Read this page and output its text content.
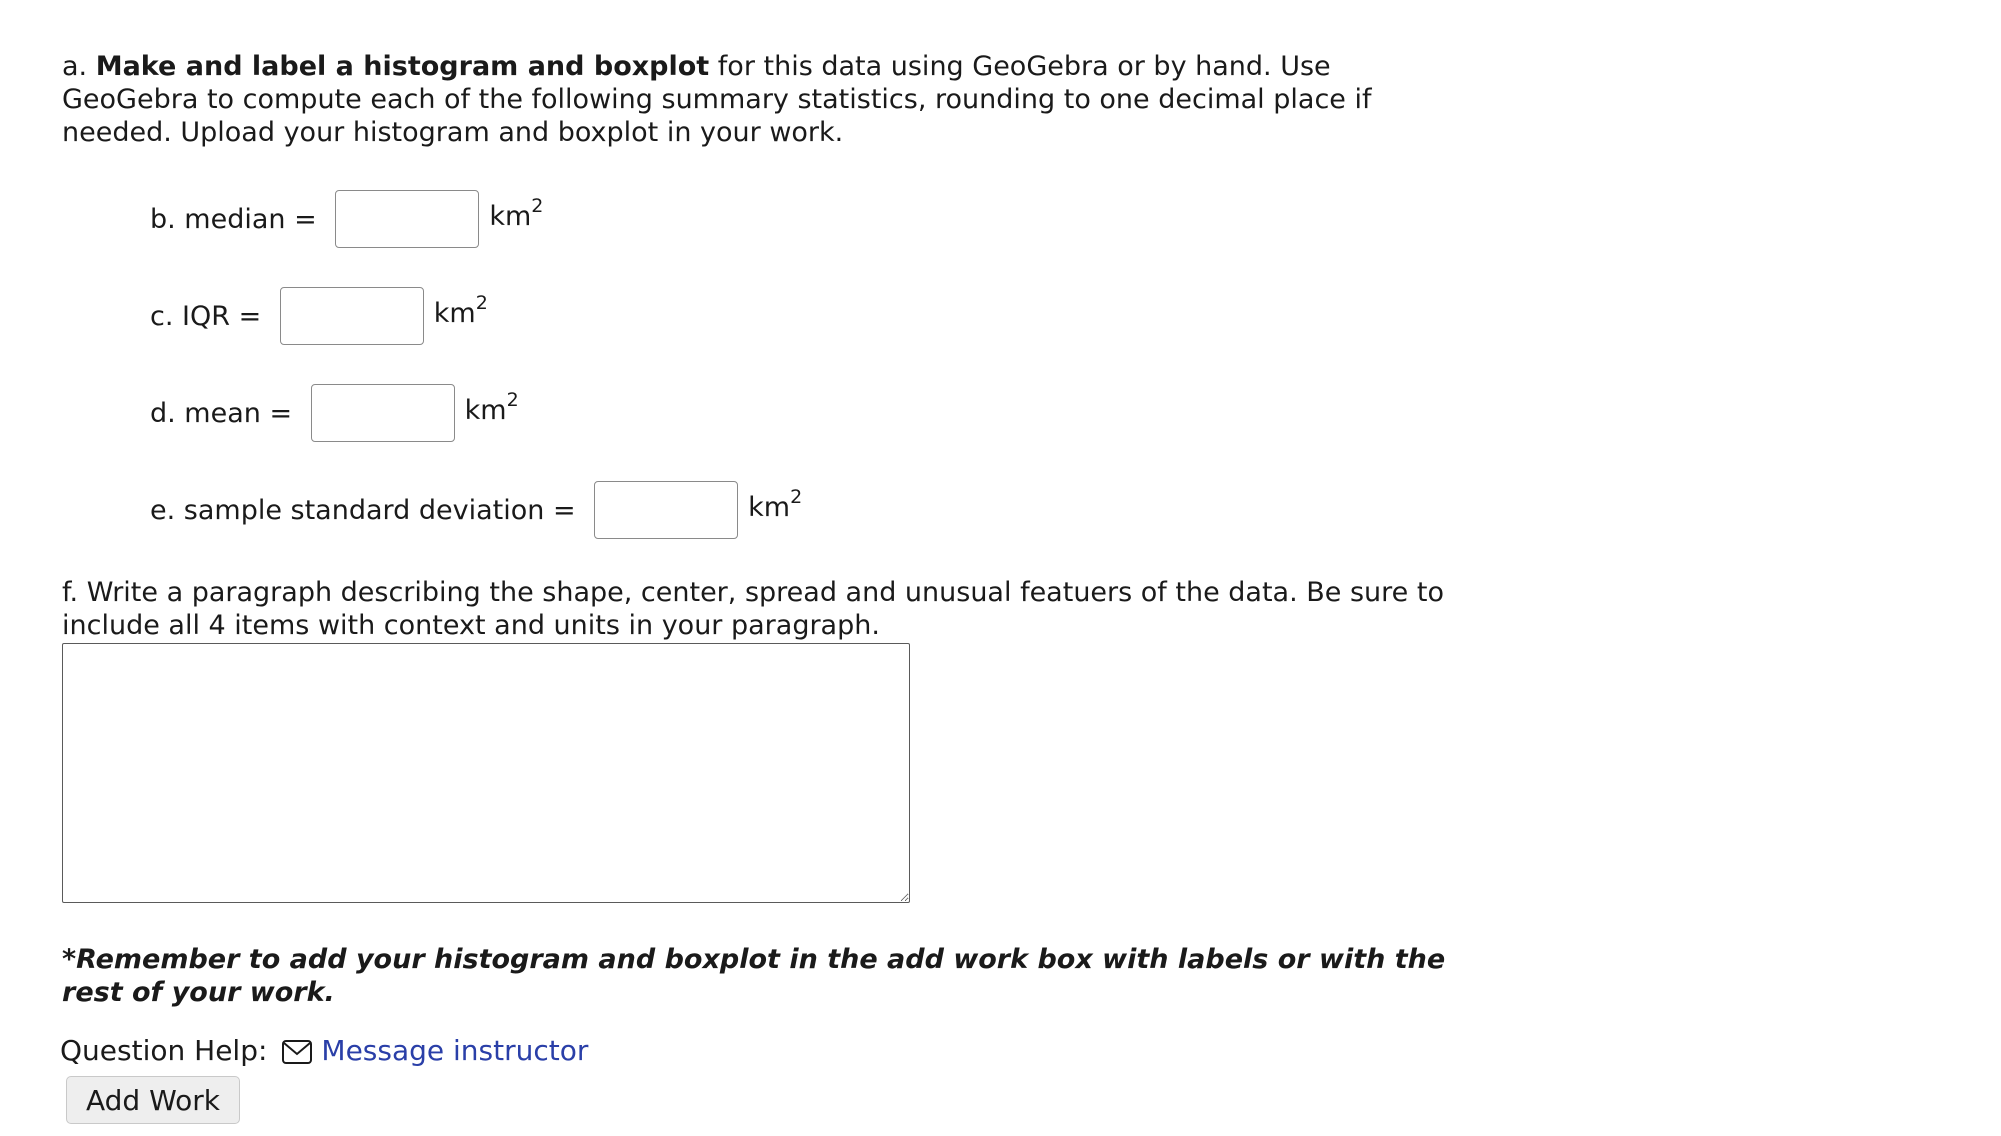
a. Make and label a histogram and boxplot for this data using GeoGebra or by hand. Use GeoGebra to compute each of the following summary statistics, rounding to one decimal place if needed. Upload your histogram and boxplot in your work.

b. median =	$km^2$
c. IQR =	$km^2$
d. mean =	$km^2$
e. sample standard deviation =	$km^2$

f. Write a paragraph describing the shape, center, spread and unusual featuers of the data. Be sure to include all 4 items with context and units in your paragraph.

*Remember to add your histogram and boxplot in the add work box with labels or with the rest of your work.

Question Help: Message instructor
Add Work
